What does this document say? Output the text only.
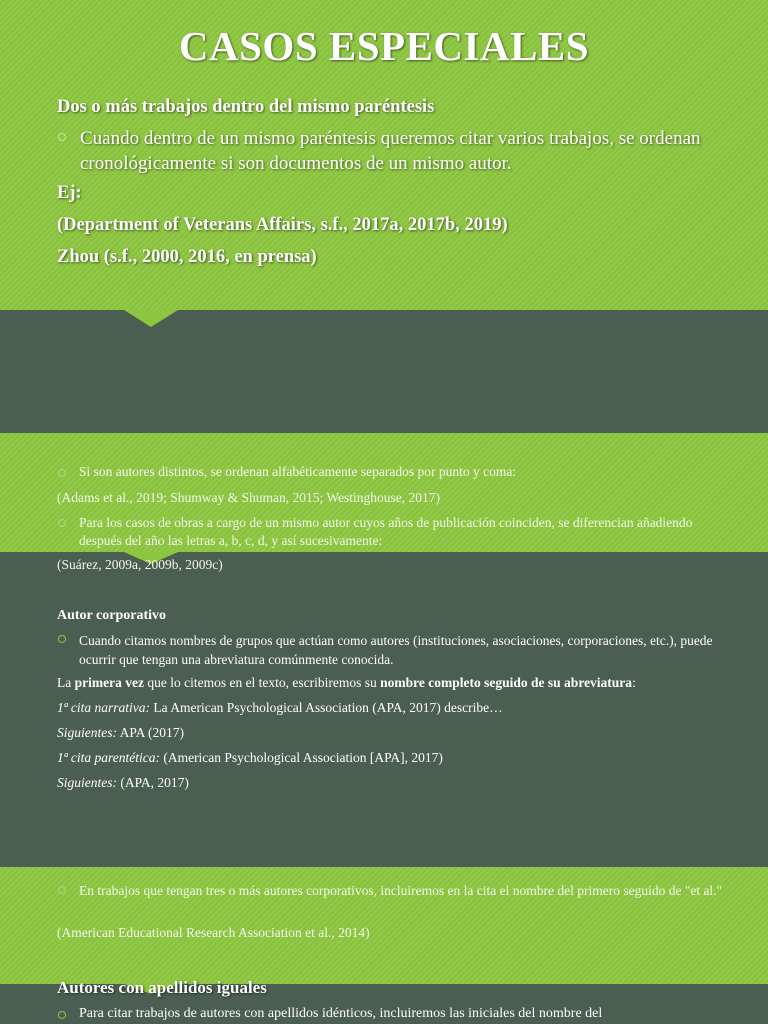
CASOS ESPECIALES
Dos o más trabajos dentro del mismo paréntesis
Cuando dentro de un mismo paréntesis queremos citar varios trabajos, se ordenan cronológicamente si son documentos de un mismo autor.
Ej:
(Department of Veterans Affairs, s.f., 2017a, 2017b, 2019)
Zhou (s.f., 2000, 2016, en prensa)
Si son autores distintos, se ordenan alfabéticamente separados por punto y coma:
(Adams et al., 2019; Shumway & Shuman, 2015; Westinghouse, 2017)
Para los casos de obras a cargo de un mismo autor cuyos años de publicación coinciden, se diferencian añadiendo después del año las letras a, b, c, d, y así sucesivamente:
(Suárez, 2009a, 2009b, 2009c)
Autor corporativo
Cuando citamos nombres de grupos que actúan como autores (instituciones, asociaciones, corporaciones, etc.), puede ocurrir que tengan una abreviatura comúnmente conocida.
La primera vez que lo citemos en el texto, escribiremos su nombre completo seguido de su abreviatura:
1ª cita narrativa: La American Psychological Association (APA, 2017) describe…
Siguientes: APA (2017)
1ª cita parentética: (American Psychological Association [APA], 2017)
Siguientes: (APA, 2017)
En trabajos que tengan tres o más autores corporativos, incluiremos en la cita el nombre del primero seguido de "et al."
(American Educational Research Association et al., 2014)
Autores con apellidos iguales
Para citar trabajos de autores con apellidos idénticos, incluiremos las iniciales del nombre del
